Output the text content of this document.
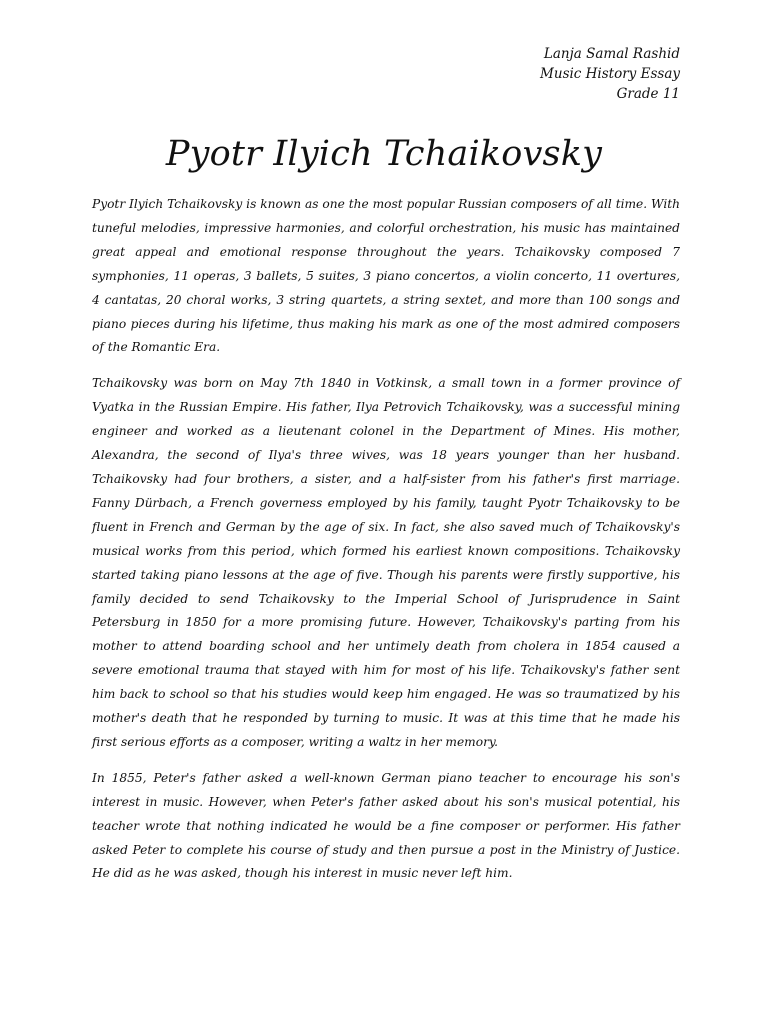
Lanja Samal Rashid
Music History Essay
Grade 11
Pyotr Ilyich Tchaikovsky

Pyotr Ilyich Tchaikovsky is known as one the most popular Russian composers of all time. With tuneful melodies, impressive harmonies, and colorful orchestration, his music has maintained great appeal and emotional response throughout the years. Tchaikovsky composed 7 symphonies, 11 operas, 3 ballets, 5 suites, 3 piano concertos, a violin concerto, 11 overtures, 4 cantatas, 20 choral works, 3 string quartets, a string sextet, and more than 100 songs and piano pieces during his lifetime, thus making his mark as one of the most admired composers of the Romantic Era.

Tchaikovsky was born on May 7th 1840 in Votkinsk, a small town in a former province of Vyatka in the Russian Empire. His father, Ilya Petrovich Tchaikovsky, was a successful mining engineer and worked as a lieutenant colonel in the Department of Mines. His mother, Alexandra, the second of Ilya's three wives, was 18 years younger than her husband. Tchaikovsky had four brothers, a sister, and a half-sister from his father's first marriage. Fanny Dürbach, a French governess employed by his family, taught Pyotr Tchaikovsky to be fluent in French and German by the age of six. In fact, she also saved much of Tchaikovsky's musical works from this period, which formed his earliest known compositions. Tchaikovsky started taking piano lessons at the age of five. Though his parents were firstly supportive, his family decided to send Tchaikovsky to the Imperial School of Jurisprudence in Saint Petersburg in 1850 for a more promising future. However, Tchaikovsky's parting from his mother to attend boarding school and her untimely death from cholera in 1854 caused a severe emotional trauma that stayed with him for most of his life. Tchaikovsky's father sent him back to school so that his studies would keep him engaged. He was so traumatized by his mother's death that he responded by turning to music. It was at this time that he made his first serious efforts as a composer, writing a waltz in her memory.

In 1855, Peter's father asked a well-known German piano teacher to encourage his son's interest in music. However, when Peter's father asked about his son's musical potential, his teacher wrote that nothing indicated he would be a fine composer or performer. His father asked Peter to complete his course of study and then pursue a post in the Ministry of Justice. He did as he was asked, though his interest in music never left him.
